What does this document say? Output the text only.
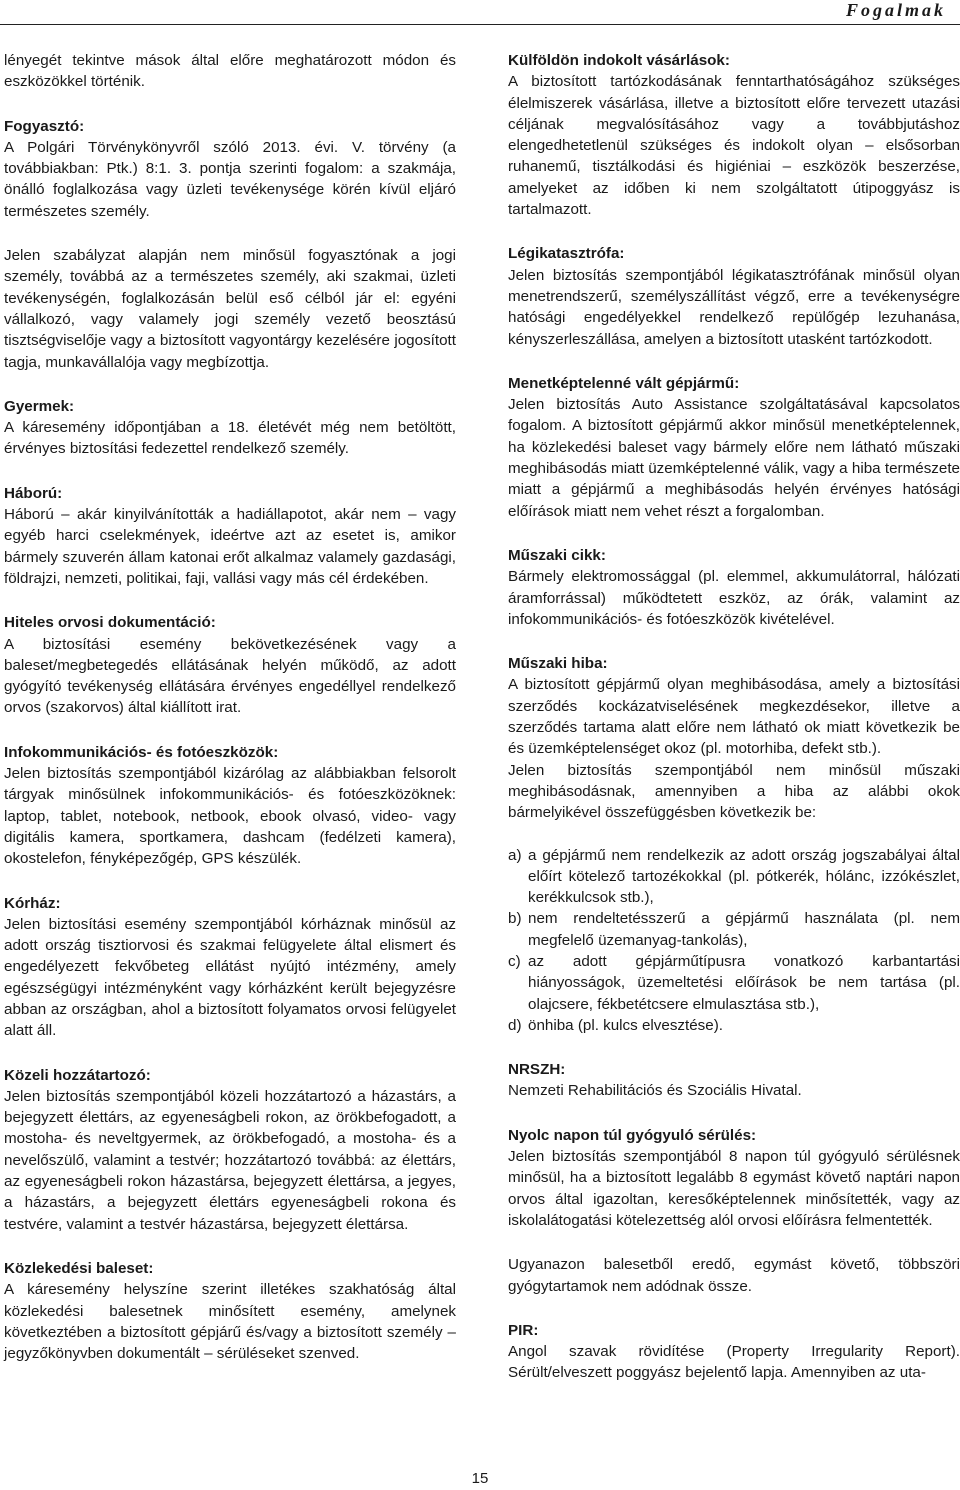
Fogalmak

lényegét tekintve mások által előre meghatározott módon és eszközökkel történik.

Fogyasztó:

A Polgári Törvénykönyvről szóló 2013. évi. V. törvény (a továbbiakban: Ptk.) 8:1. 3. pontja szerinti fogalom: a szakmája, önálló foglalkozása vagy üzleti tevékenysége körén kívül eljáró természetes személy.

Jelen szabályzat alapján nem minősül fogyasztónak a jogi személy, továbbá az a természetes személy, aki szakmai, üzleti tevékenységén, foglalkozásán belül eső célból jár el: egyéni vállalkozó, vagy valamely jogi személy vezető beosztású tisztségviselője vagy a biztosított vagyontárgy kezelésére jogosított tagja, munkavállalója vagy megbízottja.

Gyermek:

A káresemény időpontjában a 18. életévét még nem betöltött, érvényes biztosítási fedezettel rendelkező személy.

Háború:

Háború – akár kinyilvánították a hadiállapotot, akár nem – vagy egyéb harci cselekmények, ideértve azt az esetet is, amikor bármely szuverén állam katonai erőt alkalmaz valamely gazdasági, földrajzi, nemzeti, politikai, faji, vallási vagy más cél érdekében.

Hiteles orvosi dokumentáció:

A biztosítási esemény bekövetkezésének vagy a baleset/megbetegedés ellátásának helyén működő, az adott gyógyító tevékenység ellátására érvényes engedéllyel rendelkező orvos (szakorvos) által kiállított irat.

Infokommunikációs- és fotóeszközök:

Jelen biztosítás szempontjából kizárólag az alábbiakban felsorolt tárgyak minősülnek infokommunikációs- és fotóeszközöknek: laptop, tablet, notebook, netbook, ebook olvasó, video- vagy digitális kamera, sportkamera, dashcam (fedélzeti kamera), okostelefon, fényképezőgép, GPS készülék.

Kórház:

Jelen biztosítási esemény szempontjából kórháznak minősül az adott ország tisztiorvosi és szakmai felügyelete által elismert és engedélyezett fekvőbeteg ellátást nyújtó intézmény, amely egészségügyi intézményként vagy kórházként került bejegyzésre abban az országban, ahol a biztosított folyamatos orvosi felügyelet alatt áll.

Közeli hozzátartozó:

Jelen biztosítás szempontjából közeli hozzátartozó a házastárs, a bejegyzett élettárs, az egyeneságbeli rokon, az örökbefogadott, a mostoha- és neveltgyermek, az örökbefogadó, a mostoha- és a nevelőszülő, valamint a testvér; hozzátartozó továbbá: az élettárs, az egyeneságbeli rokon házastársa, bejegyzett élettársa, a jegyes, a házastárs, a bejegyzett élettárs egyeneságbeli rokona és testvére, valamint a testvér házastársa, bejegyzett élettársa.

Közlekedési baleset:

A káresemény helyszíne szerint illetékes szakhatóság által közlekedési balesetnek minősített esemény, amelynek következtében a biztosított gépjárű és/vagy a biztosított személy – jegyzőkönyvben dokumentált – sérüléseket szenved.

Külföldön indokolt vásárlások:

A biztosított tartózkodásának fenntarthatóságához szükséges élelmiszerek vásárlása, illetve a biztosított előre tervezett utazási céljának megvalósításához vagy a továbbjutáshoz elengedhetetlenül szükséges és indokolt olyan – elsősorban ruhanemű, tisztálkodási és higiéniai – eszközök beszerzése, amelyeket az időben ki nem szolgáltatott útipoggyász is tartalmazott.

Légikatasztrófa:

Jelen biztosítás szempontjából légikatasztrófának minősül olyan menetrendszerű, személyszállítást végző, erre a tevékenységre hatósági engedélyekkel rendelkező repülőgép lezuhanása, kényszerleszállása, amelyen a biztosított utasként tartózkodott.

Menetképtelenné vált gépjármű:

Jelen biztosítás Auto Assistance szolgáltatásával kapcsolatos fogalom. A biztosított gépjármű akkor minősül menetképtelennek, ha közlekedési baleset vagy bármely előre nem látható műszaki meghibásodás miatt üzemképtelenné válik, vagy a hiba természete miatt a gépjármű a meghibásodás helyén érvényes hatósági előírások miatt nem vehet részt a forgalomban.

Műszaki cikk:

Bármely elektromossággal (pl. elemmel, akkumulátorral, hálózati áramforrással) működtetett eszköz, az órák, valamint az infokommunikációs- és fotóeszközök kivételével.

Műszaki hiba:

A biztosított gépjármű olyan meghibásodása, amely a biztosítási szerződés kockázatviselésének megkezdésekor, illetve a szerződés tartama alatt előre nem látható ok miatt következik be és üzemképtelenséget okoz (pl. motorhiba, defekt stb.).

Jelen biztosítás szempontjából nem minősül műszaki meghibásodásnak, amennyiben a hiba az alábbi okok bármelyikével összefüggésben következik be:

a) a gépjármű nem rendelkezik az adott ország jogszabályai által előírt kötelező tartozékokkal (pl. pótkerék, hólánc, izzókészlet, kerékkulcsok stb.),
b) nem rendeltetésszerű a gépjármű használata (pl. nem megfelelő üzemanyag-tankolás),
c) az adott gépjárműtípusra vonatkozó karbantartási hiányosságok, üzemeltetési előírások be nem tartása (pl. olajcsere, fékbetétcsere elmulasztása stb.),
d) önhiba (pl. kulcs elvesztése).
NRSZH:

Nemzeti Rehabilitációs és Szociális Hivatal.

Nyolc napon túl gyógyuló sérülés:

Jelen biztosítás szempontjából 8 napon túl gyógyuló sérülésnek minősül, ha a biztosított legalább 8 egymást követő naptári napon orvos által igazoltan, keresőképtelennek minősítették, vagy az iskolalátogatási kötelezettség alól orvosi előírásra felmentették.

Ugyanazon balesetből eredő, egymást követő, többszöri gyógytartamok nem adódnak össze.

PIR:

Angol szavak rövidítése (Property Irregularity Report). Sérült/elveszett poggyász bejelentő lapja. Amennyiben az uta-

15
